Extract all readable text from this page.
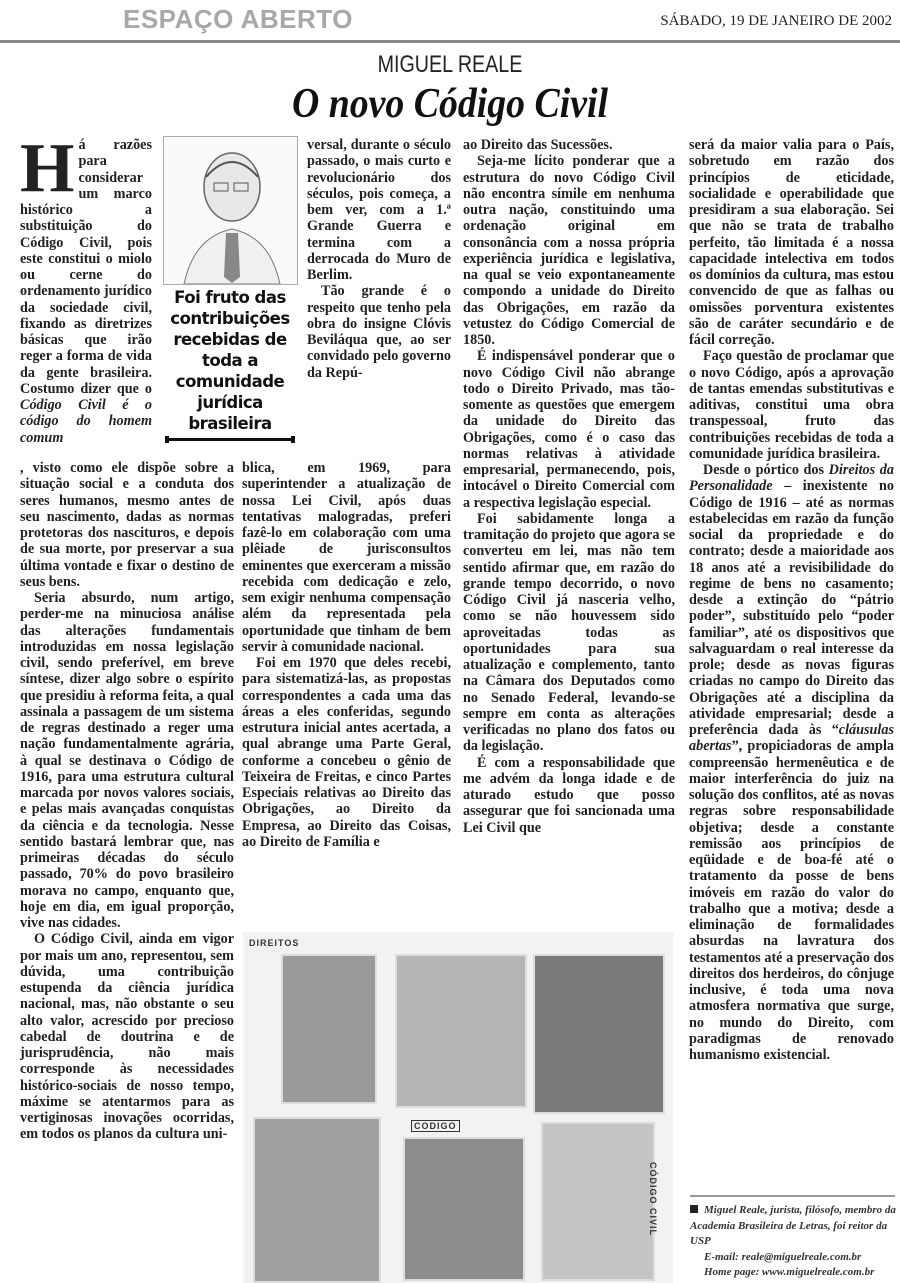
ESPAÇO ABERTO	SÁBADO, 19 DE JANEIRO DE 2002
MIGUEL REALE
O novo Código Civil

Há razões para considerar um marco histórico a substituição do Código Civil, pois este constitui o miolo ou cerne do ordenamento jurídico da sociedade civil, fixando as diretrizes básicas que irão reger a forma de vida da gente brasileira. Costumo dizer que o Código Civil é o código do homem comum

Foi fruto das contribuições recebidas de toda a comunidade jurídica brasileira

versal, durante o século passado, o mais curto e revolucionário dos séculos, pois começa, a bem ver, com a 1.ª Grande Guerra e termina com a derrocada do Muro de Berlim.

Tão grande é o respeito que tenho pela obra do insigne Clóvis Beviláqua que, ao ser convidado pelo governo da Repú-

, visto como ele dispõe sobre a situação social e a conduta dos seres humanos, mesmo antes de seu nascimento, dadas as normas protetoras dos nascituros, e depois de sua morte, por preservar a sua última vontade e fixar o destino de seus bens.

Seria absurdo, num artigo, perder-me na minuciosa análise das alterações fundamentais introduzidas em nossa legislação civil, sendo preferível, em breve síntese, dizer algo sobre o espírito que presidiu à reforma feita, a qual assinala a passagem de um sistema de regras destinado a reger uma nação fundamentalmente agrária, à qual se destinava o Código de 1916, para uma estrutura cultural marcada por novos valores sociais, e pelas mais avançadas conquistas da ciência e da tecnologia. Nesse sentido bastará lembrar que, nas primeiras décadas do século passado, 70% do povo brasileiro morava no campo, enquanto que, hoje em dia, em igual proporção, vive nas cidades.

O Código Civil, ainda em vigor por mais um ano, representou, sem dúvida, uma contribuição estupenda da ciência jurídica nacional, mas, não obstante o seu alto valor, acrescido por precioso cabedal de doutrina e de jurisprudência, não mais corresponde às necessidades histórico-sociais de nosso tempo, máxime se atentarmos para as vertiginosas inovações ocorridas, em todos os planos da cultura uni-

blica, em 1969, para superintender a atualização de nossa Lei Civil, após duas tentativas malogradas, preferi fazê-lo em colaboração com uma plêiade de jurisconsultos eminentes que exerceram a missão recebida com dedicação e zelo, sem exigir nenhuma compensação além da representada pela oportunidade que tinham de bem servir à comunidade nacional.

Foi em 1970 que deles recebi, para sistematizá-las, as propostas correspondentes a cada uma das áreas a eles conferidas, segundo estrutura inicial antes acertada, a qual abrange uma Parte Geral, conforme a concebeu o gênio de Teixeira de Freitas, e cinco Partes Especiais relativas ao Direito das Obrigações, ao Direito da Empresa, ao Direito das Coisas, ao Direito de Família e

ao Direito das Sucessões.

Seja-me lícito ponderar que a estrutura do novo Código Civil não encontra símile em nenhuma outra nação, constituindo uma ordenação original em consonância com a nossa própria experiência jurídica e legislativa, na qual se veio expontaneamente compondo a unidade do Direito das Obrigações, em razão da vetustez do Código Comercial de 1850.

É indispensável ponderar que o novo Código Civil não abrange todo o Direito Privado, mas tão-somente as questões que emergem da unidade do Direito das Obrigações, como é o caso das normas relativas à atividade empresarial, permanecendo, pois, intocável o Direito Comercial com a respectiva legislação especial.

Foi sabidamente longa a tramitação do projeto que agora se converteu em lei, mas não tem sentido afirmar que, em razão do grande tempo decorrido, o novo Código Civil já nasceria velho, como se não houvessem sido aproveitadas todas as oportunidades para sua atualização e complemento, tanto na Câmara dos Deputados como no Senado Federal, levando-se sempre em conta as alterações verificadas no plano dos fatos ou da legislação.

É com a responsabilidade que me advém da longa idade e de aturado estudo que posso assegurar que foi sancionada uma Lei Civil que

será da maior valia para o País, sobretudo em razão dos princípios de eticidade, socialidade e operabilidade que presidiram a sua elaboração. Sei que não se trata de trabalho perfeito, tão limitada é a nossa capacidade intelectiva em todos os domínios da cultura, mas estou convencido de que as falhas ou omissões porventura existentes são de caráter secundário e de fácil correção.

Faço questão de proclamar que o novo Código, após a aprovação de tantas emendas substitutivas e aditivas, constitui uma obra transpessoal, fruto das contribuições recebidas de toda a comunidade jurídica brasileira.

Desde o pórtico dos Direitos da Personalidade – inexistente no Código de 1916 – até as normas estabelecidas em razão da função social da propriedade e do contrato; desde a maioridade aos 18 anos até a revisibilidade do regime de bens no casamento; desde a extinção do “pátrio poder”, substituído pelo “poder familiar”, até os dispositivos que salvaguardam o real interesse da prole; desde as novas figuras criadas no campo do Direito das Obrigações até a disciplina da atividade empresarial; desde a preferência dada às “cláusulas abertas”, propiciadoras de ampla compreensão hermenêutica e de maior interferência do juiz na solução dos conflitos, até as novas regras sobre responsabilidade objetiva; desde a constante remissão aos princípios de eqüidade e de boa-fé até o tratamento da posse de bens imóveis em razão do valor do trabalho que a motiva; desde a eliminação de formalidades absurdas na lavratura dos testamentos até a preservação dos direitos dos herdeiros, do cônjuge inclusive, é toda uma nova atmosfera normativa que surge, no mundo do Direito, com paradigmas de renovado humanismo existencial.

DIREITOS
CODIGO
CÓDIGO CIVIL	Miguel Reale, jurista, filósofo, membro da Academia Brasileira de Letras, foi reitor da USP
E-mail: reale@miguelreale.com.br
Home page: www.miguelreale.com.br
